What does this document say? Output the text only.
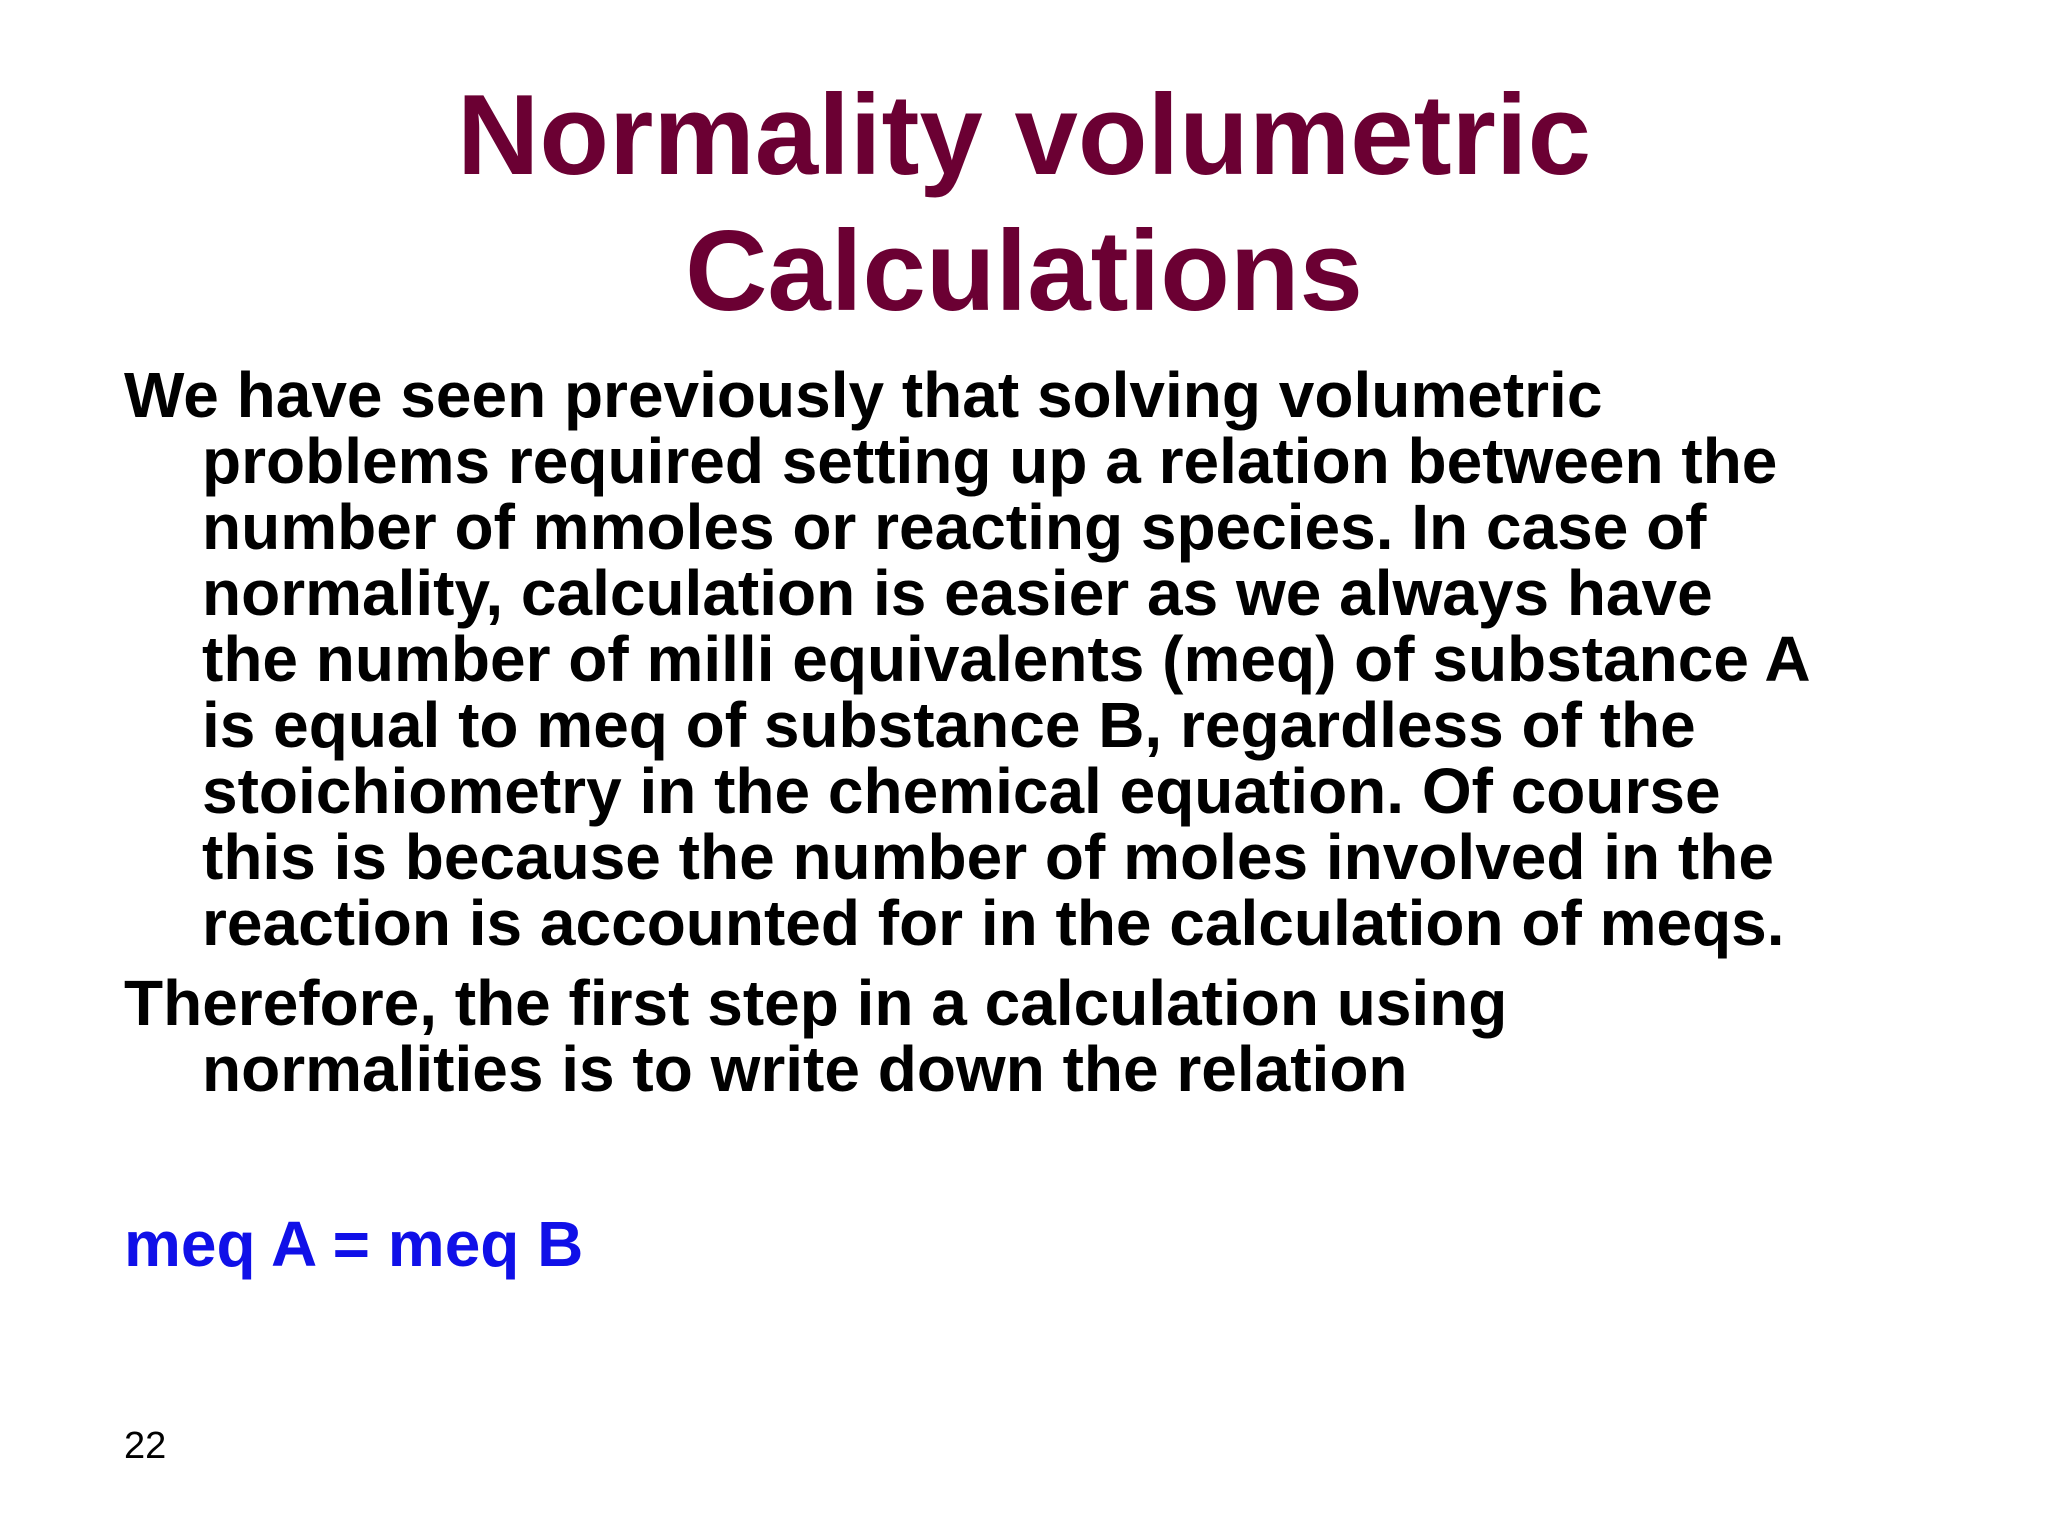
Normality volumetric
Calculations
We have seen previously that solving volumetric
problems required setting up a relation between the
number of mmoles or reacting species. In case of
normality, calculation is easier as we always have
the number of milli equivalents (meq) of substance A
is equal to meq of substance B, regardless of the
stoichiometry in the chemical equation. Of course
this is because the number of moles involved in the
reaction is accounted for in the calculation of meqs.
Therefore, the first step in a calculation using
normalities is to write down the relation

meq A = meq B

22
